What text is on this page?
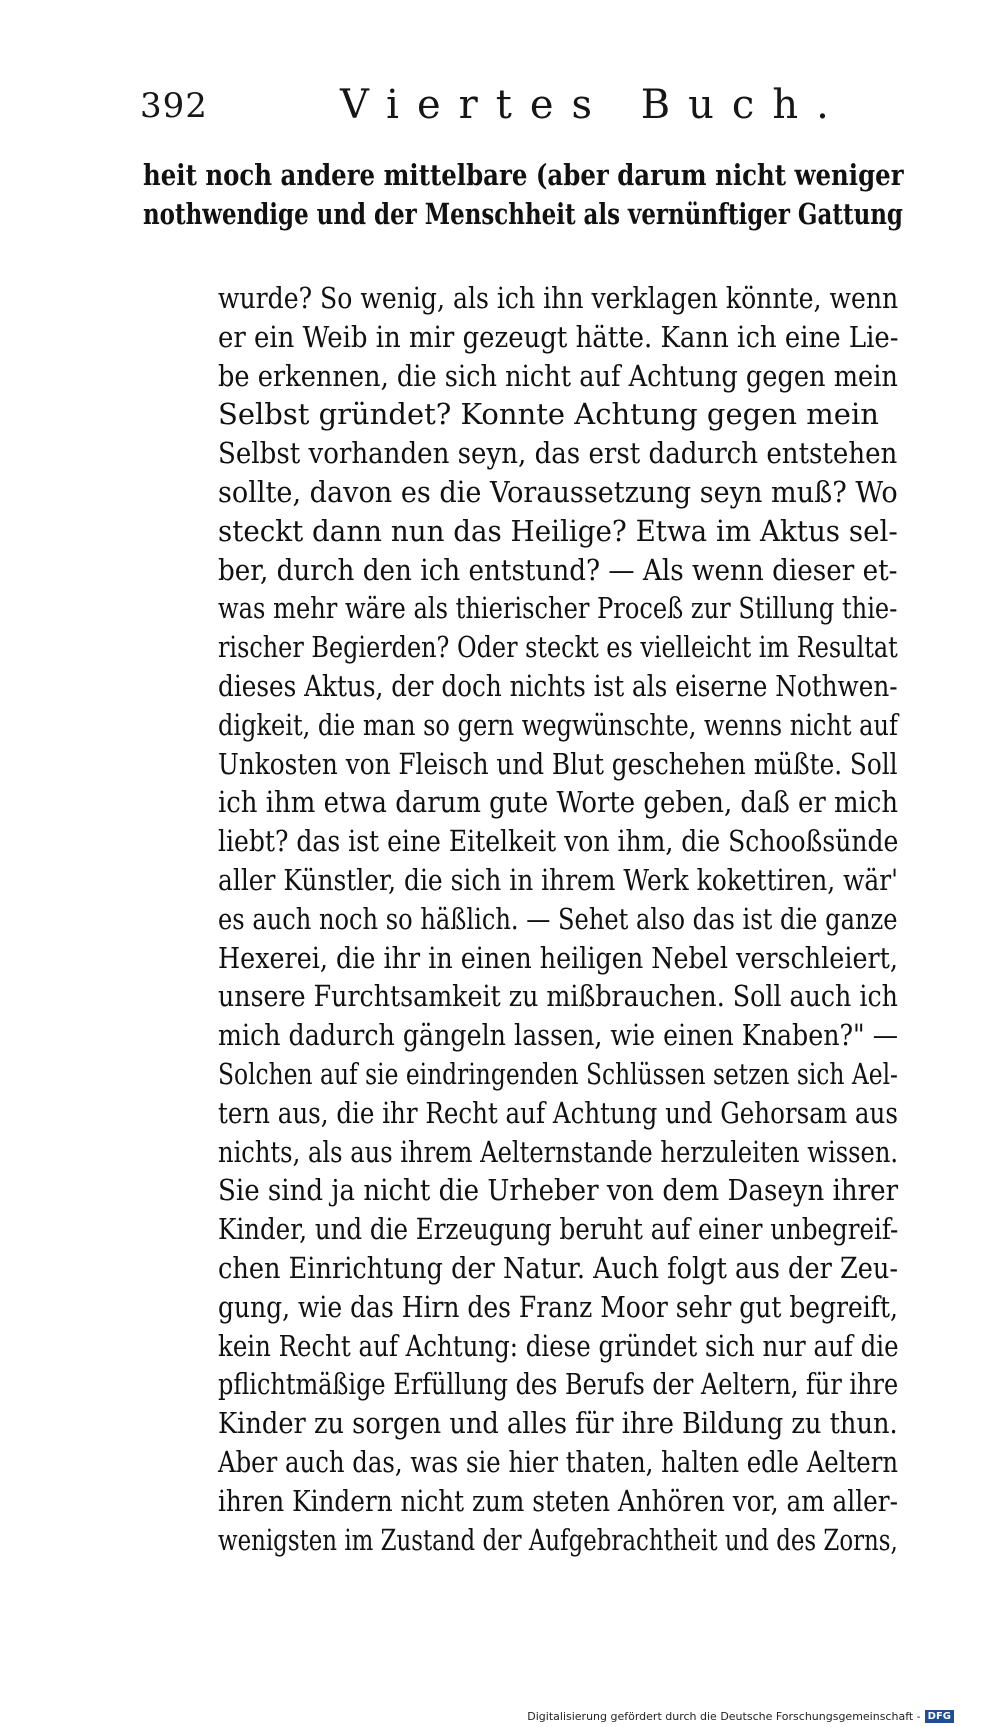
392	Viertes Buch.
heit noch andere mittelbare (aber darum nicht weniger
nothwendige und der Menschheit als vernünftiger Gattung
wurde? So wenig, als ich ihn verklagen könnte, wenn
er ein Weib in mir gezeugt hätte. Kann ich eine Lie-
be erkennen, die sich nicht auf Achtung gegen mein
Selbst gründet? Konnte Achtung gegen mein
Selbst vorhanden seyn, das erst dadurch entstehen
sollte, davon es die Voraussetzung seyn muß? Wo
steckt dann nun das Heilige? Etwa im Aktus sel-
ber, durch den ich entstund? — Als wenn dieser et-
was mehr wäre als thierischer Proceß zur Stillung thie-
rischer Begierden? Oder steckt es vielleicht im Resultat
dieses Aktus, der doch nichts ist als eiserne Nothwen-
digkeit, die man so gern wegwünschte, wenns nicht auf
Unkosten von Fleisch und Blut geschehen müßte. Soll
ich ihm etwa darum gute Worte geben, daß er mich
liebt? das ist eine Eitelkeit von ihm, die Schooßsünde
aller Künstler, die sich in ihrem Werk kokettiren, wär'
es auch noch so häßlich. — Sehet also das ist die ganze
Hexerei, die ihr in einen heiligen Nebel verschleiert,
unsere Furchtsamkeit zu mißbrauchen. Soll auch ich
mich dadurch gängeln lassen, wie einen Knaben?" —
Solchen auf sie eindringenden Schlüssen setzen sich Ael-
tern aus, die ihr Recht auf Achtung und Gehorsam aus
nichts, als aus ihrem Aelternstande herzuleiten wissen.
Sie sind ja nicht die Urheber von dem Daseyn ihrer
Kinder, und die Erzeugung beruht auf einer unbegreif-
chen Einrichtung der Natur. Auch folgt aus der Zeu-
gung, wie das Hirn des Franz Moor sehr gut begreift,
kein Recht auf Achtung: diese gründet sich nur auf die
pflichtmäßige Erfüllung des Berufs der Aeltern, für ihre
Kinder zu sorgen und alles für ihre Bildung zu thun.
Aber auch das, was sie hier thaten, halten edle Aeltern
ihren Kindern nicht zum steten Anhören vor, am aller-
wenigsten im Zustand der Aufgebrachtheit und des Zorns,
Digitalisierung gefördert durch die Deutsche Forschungsgemeinschaft - DFG
